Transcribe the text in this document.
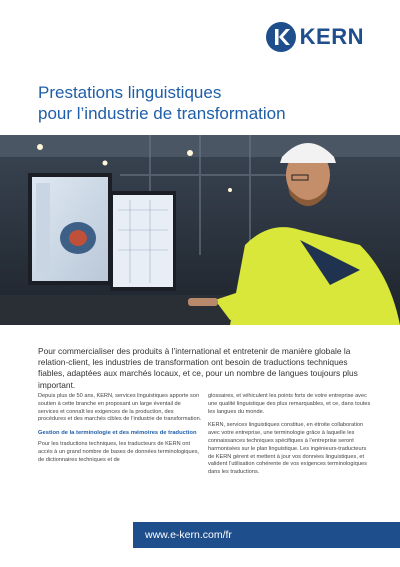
KERN
Prestations linguistiques
pour l’industrie de transformation

Pour commercialiser des produits à l’international et entretenir de manière globale la relation-client, les industries de transformation ont besoin de traductions techniques fiables, adaptées aux marchés locaux, et ce, pour un nombre de langues toujours plus important.

Depuis plus de 50 ans, KERN, services linguistiques apporte son soutien à cette branche en proposant un large éventail de services et connaît les exigences de la production, des procédures et des marchés cibles de l’industrie de transformation.

Gestion de la terminologie et des mémoires de traduction

Pour les traductions techniques, les traducteurs de KERN ont accès à un grand nombre de bases de données terminologiques, de dictionnaires techniques et de

glossaires, et véhiculent les points forts de votre entreprise avec une qualité linguistique des plus remarquables, et ce, dans toutes les langues du monde.

KERN, services linguistiques constitue, en étroite collaboration avec votre entreprise, une terminologie grâce à laquelle les connaissances techniques spécifiques à l’entreprise seront harmonisées sur le plan linguistique. Les ingénieurs-traducteurs de KERN gèrent et mettent à jour vos données linguistiques, et valident l’utilisation cohérente de vos exigences terminologiques dans les traductions.

www.e-kern.com/fr
